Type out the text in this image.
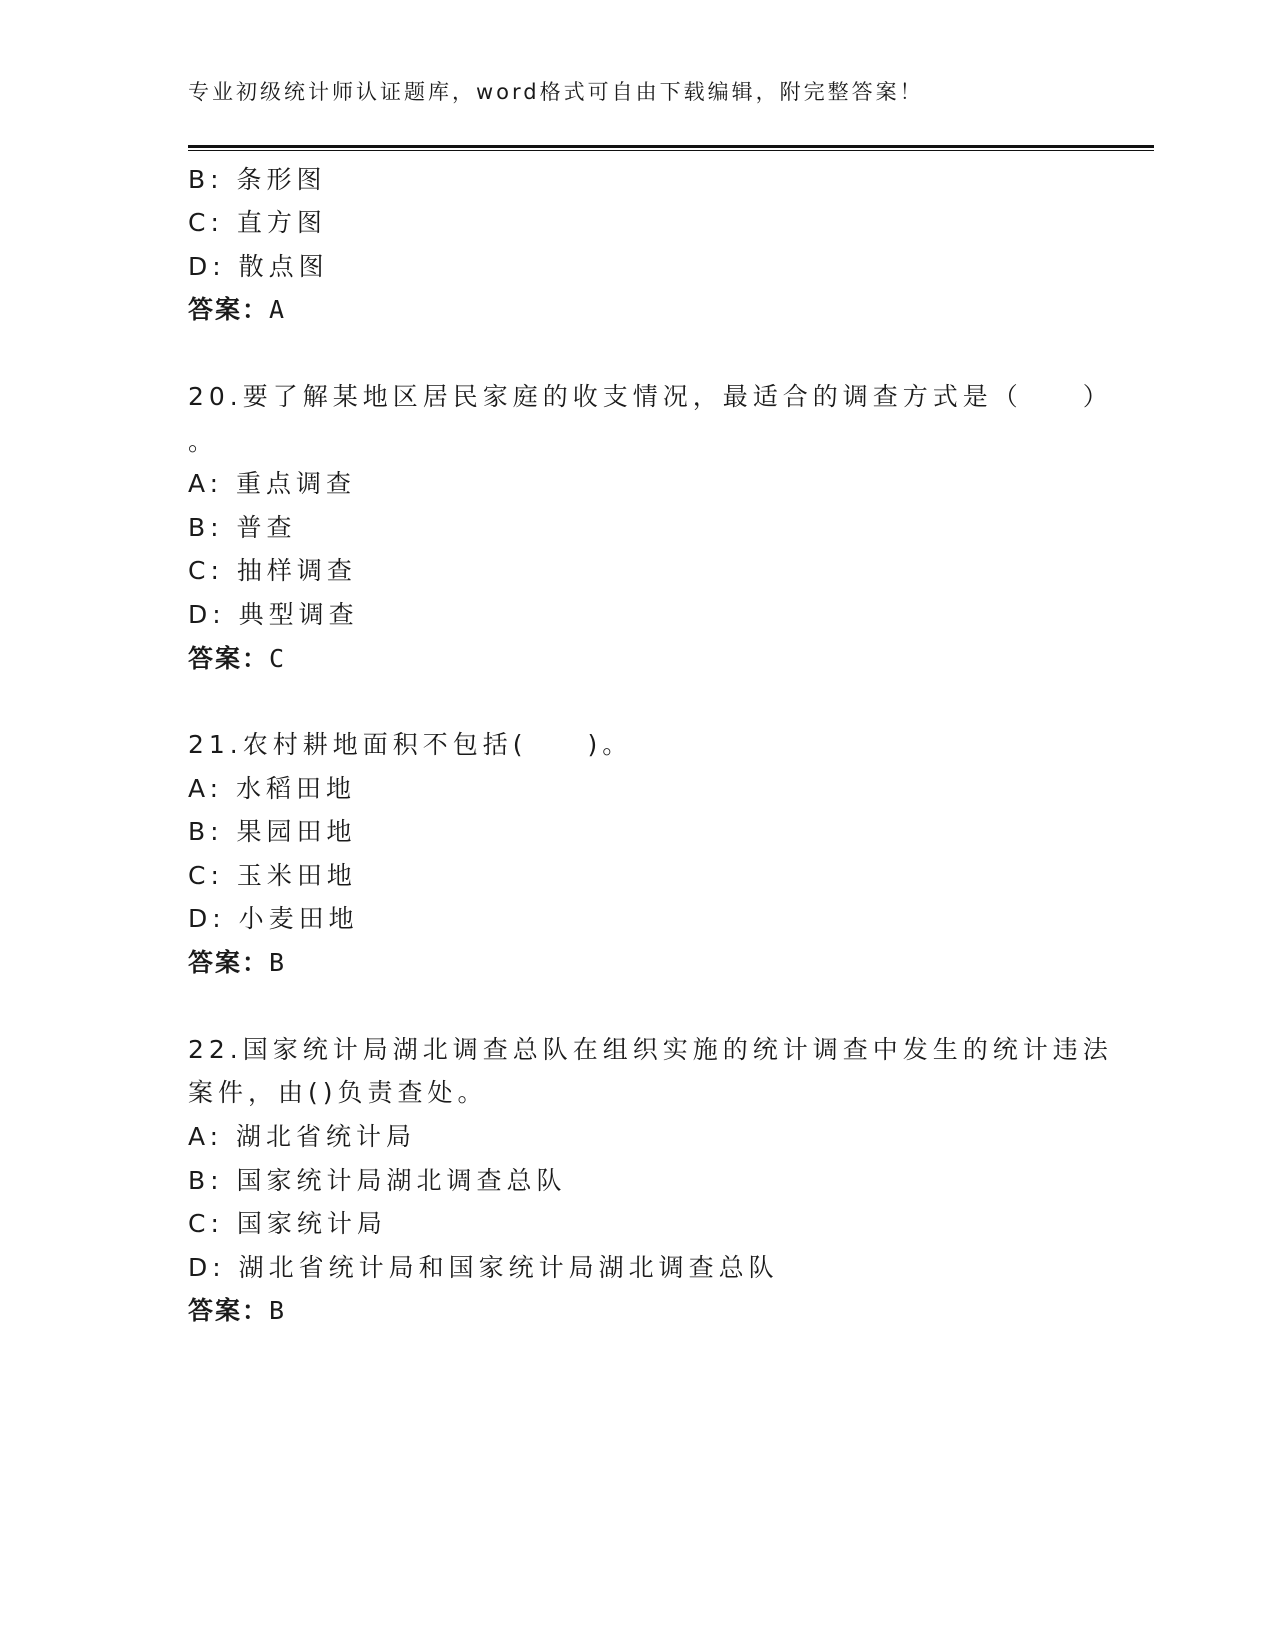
专业初级统计师认证题库，word格式可自由下载编辑，附完整答案！
B: 条形图
C: 直方图
D: 散点图
答案：A
20.要了解某地区居民家庭的收支情况，最适合的调查方式是（　　）
。
A: 重点调查
B: 普查
C: 抽样调查
D: 典型调查
答案：C
21.农村耕地面积不包括(　　)。
A: 水稻田地
B: 果园田地
C: 玉米田地
D: 小麦田地
答案：B
22.国家统计局湖北调查总队在组织实施的统计调查中发生的统计违法
案件，由()负责查处。
A: 湖北省统计局
B: 国家统计局湖北调查总队
C: 国家统计局
D: 湖北省统计局和国家统计局湖北调查总队
答案：B
